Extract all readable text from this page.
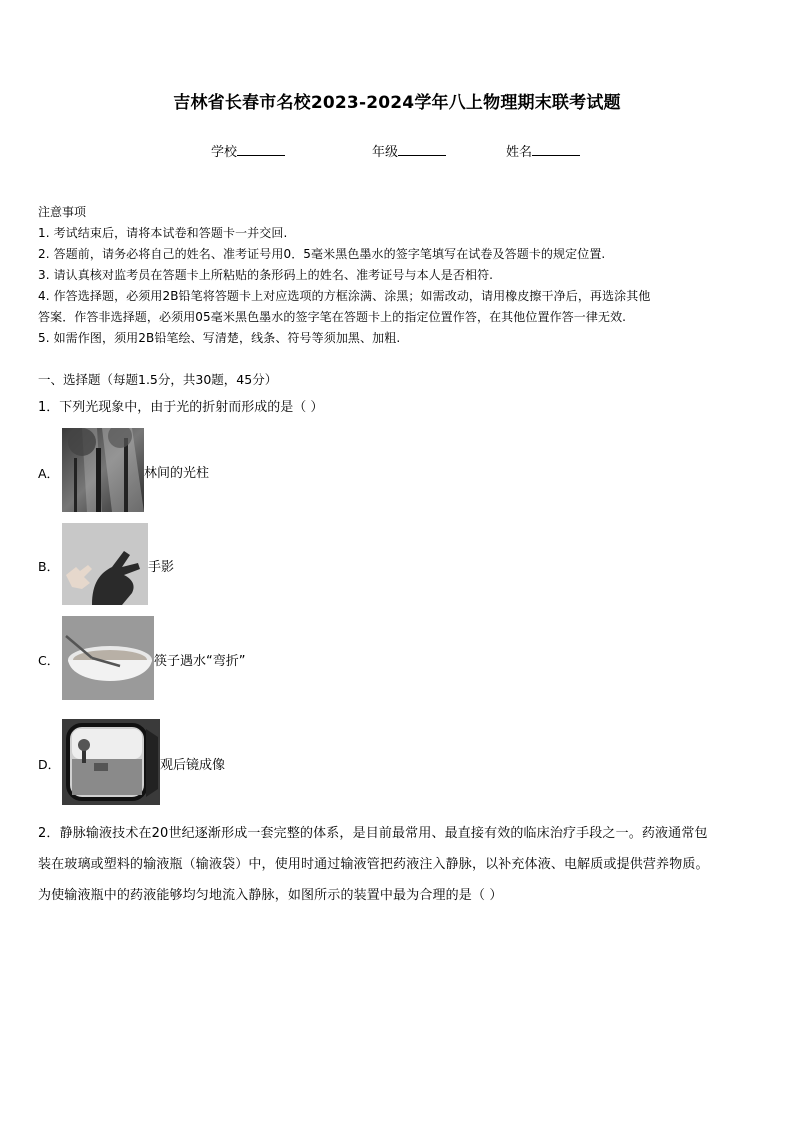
吉林省长春市名校2023-2024学年八上物理期末联考试题
学校	年级	姓名
注意事项
1. 考试结束后，请将本试卷和答题卡一并交回.
2. 答题前，请务必将自己的姓名、准考证号用0．5毫米黑色墨水的签字笔填写在试卷及答题卡的规定位置.
3. 请认真核对监考员在答题卡上所粘贴的条形码上的姓名、准考证号与本人是否相符.
4. 作答选择题，必须用2B铅笔将答题卡上对应选项的方框涂满、涂黑；如需改动，请用橡皮擦干净后，再选涂其他
答案．作答非选择题，必须用05毫米黑色墨水的签字笔在答题卡上的指定位置作答，在其他位置作答一律无效.
5. 如需作图，须用2B铅笔绘、写清楚，线条、符号等须加黑、加粗.
一、选择题（每题1.5分，共30题，45分）
1．下列光现象中，由于光的折射而形成的是（ ）
A．	林间的光柱
B．	手影
C．	筷子遇水“弯折”
D．	观后镜成像
2．静脉输液技术在20世纪逐渐形成一套完整的体系，是目前最常用、最直接有效的临床治疗手段之一。药液通常包
装在玻璃或塑料的输液瓶（输液袋）中，使用时通过输液管把药液注入静脉，以补充体液、电解质或提供营养物质。
为使输液瓶中的药液能够均匀地流入静脉，如图所示的装置中最为合理的是（ ）
